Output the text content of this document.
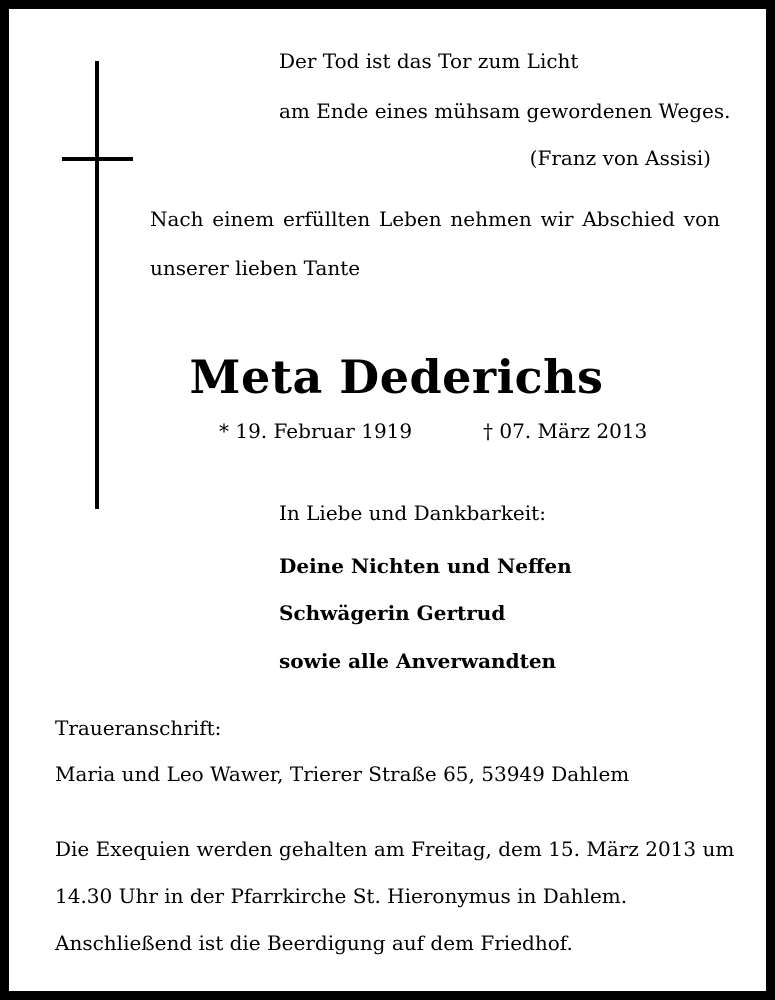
Der Tod ist das Tor zum Licht
am Ende eines mühsam gewordenen Weges.
(Franz von Assisi)
Nach einem erfüllten Leben nehmen wir Abschied von
unserer lieben Tante
Meta Dederichs
* 19. Februar 1919	† 07. März 2013
In Liebe und Dankbarkeit:
Deine Nichten und Neffen
Schwägerin Gertrud
sowie alle Anverwandten
Traueranschrift:
Maria und Leo Wawer, Trierer Straße 65, 53949 Dahlem
Die Exequien werden gehalten am Freitag, dem 15. März 2013 um
14.30 Uhr in der Pfarrkirche St. Hieronymus in Dahlem.
Anschließend ist die Beerdigung auf dem Friedhof.
